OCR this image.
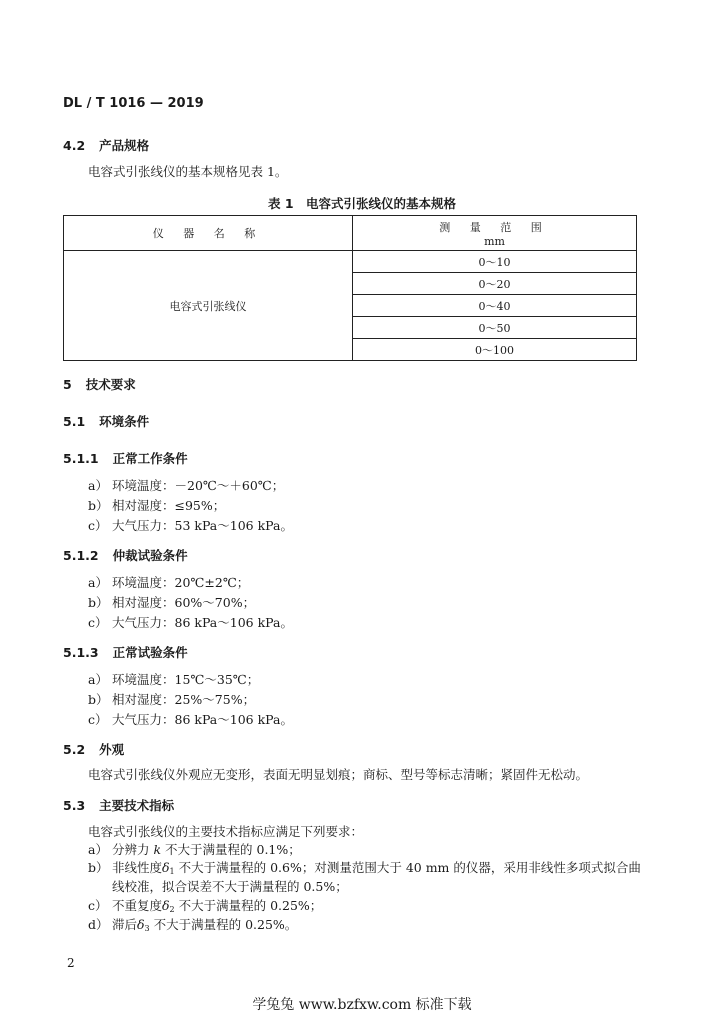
DL / T 1016 — 2019
4.2 产品规格
电容式引张线仪的基本规格见表 1。
表 1　电容式引张线仪的基本规格
仪 器 名 称	测 量 范 围
mm

电容式引张线仪	0～10
	0～20
	0～40
	0～50
	0～100
5 技术要求
5.1 环境条件
5.1.1 正常工作条件
a） 环境温度：－20℃～＋60℃；
b） 相对湿度：≤95%；
c） 大气压力：53 kPa～106 kPa。
5.1.2 仲裁试验条件
a） 环境温度：20℃±2℃；
b） 相对湿度：60%～70%；
c） 大气压力：86 kPa～106 kPa。
5.1.3 正常试验条件
a） 环境温度：15℃～35℃；
b） 相对湿度：25%～75%；
c） 大气压力：86 kPa～106 kPa。
5.2 外观
电容式引张线仪外观应无变形，表面无明显划痕；商标、型号等标志清晰；紧固件无松动。
5.3 主要技术指标
电容式引张线仪的主要技术指标应满足下列要求：
a） 分辨力 k 不大于满量程的 0.1%；
b） 非线性度$\delta_1$ 不大于满量程的 0.6%；对测量范围大于 40 mm 的仪器，采用非线性多项式拟合曲
线校准，拟合误差不大于满量程的 0.5%；
c） 不重复度$\delta_2$ 不大于满量程的 0.25%；
d） 滞后$\delta_3$ 不大于满量程的 0.25%。
2
学兔兔 www.bzfxw.com 标准下载
